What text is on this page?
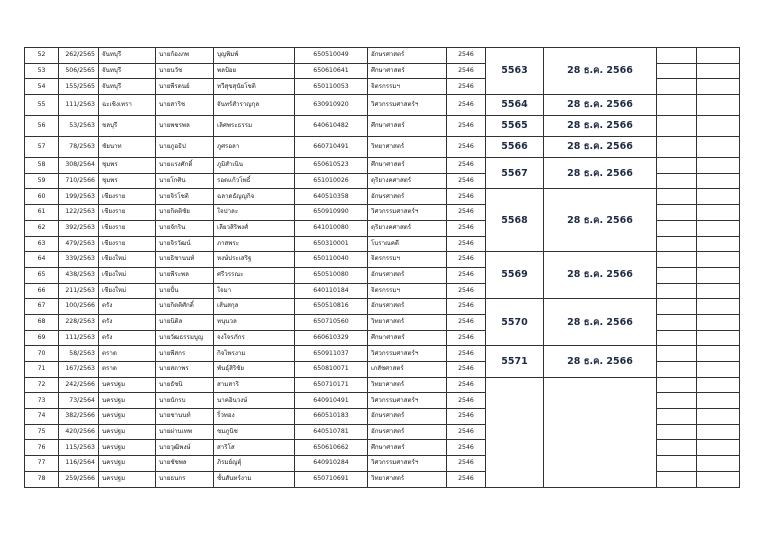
52	262/2565	จันทบุรี	นายก้องภพ	บุญพิมพ์	650510049	อักษรศาสตร์	2546	5563	28 ธ.ค. 2566			
53	506/2565	จันทบุรี	นายนวัช	พลป้อย	650610641	ศึกษาศาสตร์	2546			
54	155/2565	จันทบุรี	นายพีรดนย์	ทวีสุขสุนัยโชติ	650110053	จิตรกรรมฯ	2546			
55	111/2563	ฉะเชิงเทรา	นายสาริช	จันทร์สำราญกุล	630910920	วิศวกรรมศาสตร์ฯ	2546	5564	28 ธ.ค. 2566			
56	53/2563	ชลบุรี	นายพชรพล	เลิศพระธรรม	640610482	ศึกษาศาสตร์	2546	5565	28 ธ.ค. 2566			
57	78/2563	ชัยนาท	นายภูอธิป	ภูศรอลา	660710491	วิทยาศาสตร์	2546	5566	28 ธ.ค. 2566			
58	308/2564	ชุมพร	นายแรงศักดิ์	ภูมิสำเนิน	650610523	ศึกษาศาสตร์	2546	5567	28 ธ.ค. 2566			
59	710/2566	ชุมพร	นายโกศิน	รอดแก้วโพธิ์	651010026	ดุริยางคศาสตร์	2546			
60	199/2563	เชียงราย	นายจิรโชติ	ฉลาดธัญญกิจ	640510358	อักษรศาสตร์	2546	5568	28 ธ.ค. 2566			
61	122/2563	เชียงราย	นายกิตติชัย	ใจปาละ	650910990	วิศวกรรมศาสตร์ฯ	2546			
62	392/2563	เชียงราย	นายจักริน	เลียวสิริพงศ์	641010080	ดุริยางคศาสตร์	2546			
63	479/2563	เชียงราย	นายจิรวัฒน์	ภาสพระ	650310001	โบราณคดี	2546			
64	339/2563	เชียงใหม่	นายธิชานนท์	หงษ์ประเสริฐ	650110040	จิตรกรรมฯ	2546	5569	28 ธ.ค. 2566			
65	438/2563	เชียงใหม่	นายพีระพล	ศรีวรรณะ	650510080	อักษรศาสตร์	2546			
66	211/2563	เชียงใหม่	นายปั้น	ใจมา	640110184	จิตรกรรมฯ	2546			
67	100/2566	ตรัง	นายกิตติศักดิ์	เส้นสกุล	650510816	อักษรศาสตร์	2546	5570	28 ธ.ค. 2566			
68	228/2563	ตรัง	นายนิติล	ทนุนวล	650710560	วิทยาศาสตร์	2546			
69	111/2563	ตรัง	นายวัฒธรรมบูญ	จงใจรภักร	660610329	ศึกษาศาสตร์	2546			
70	58/2563	ตราด	นายพีสกร	กิจไพรงาม	650911037	วิศวกรรมศาสตร์ฯ	2546	5571	28 ธ.ค. 2566			
71	167/2563	ตราด	นายสถาพร	พันธุ์สิริชัย	650810071	เภสัชศาสตร์	2546			
72	242/2566	นครปฐม	นายธัชนิ	สามสาริ	650710171	วิทยาศาสตร์	2546					
73	73/2564	นครปฐม	นายนักรบ	นาคอินวงษ์	640910491	วิศวกรรมศาสตร์ฯ	2546			
74	382/2566	นครปฐม	นายชานนท์	ริ้วทอง	660510183	อักษรศาสตร์	2546			
75	420/2566	นครปฐม	นายผ่านเทพ	ชมภูนิช	640510781	อักษรศาสตร์	2546			
76	115/2563	นครปฐม	นายวุฒิพงษ์	สาริโส	650610662	ศึกษาศาสตร์	2546			
77	116/2564	นครปฐม	นายชัชพล	ภิรมย์ญตุ์	640910284	วิศวกรรมศาสตร์ฯ	2546			
78	259/2566	นครปฐม	นายธนกร	ชั้นสันทร์งาม	650710691	วิทยาศาสตร์	2546			
